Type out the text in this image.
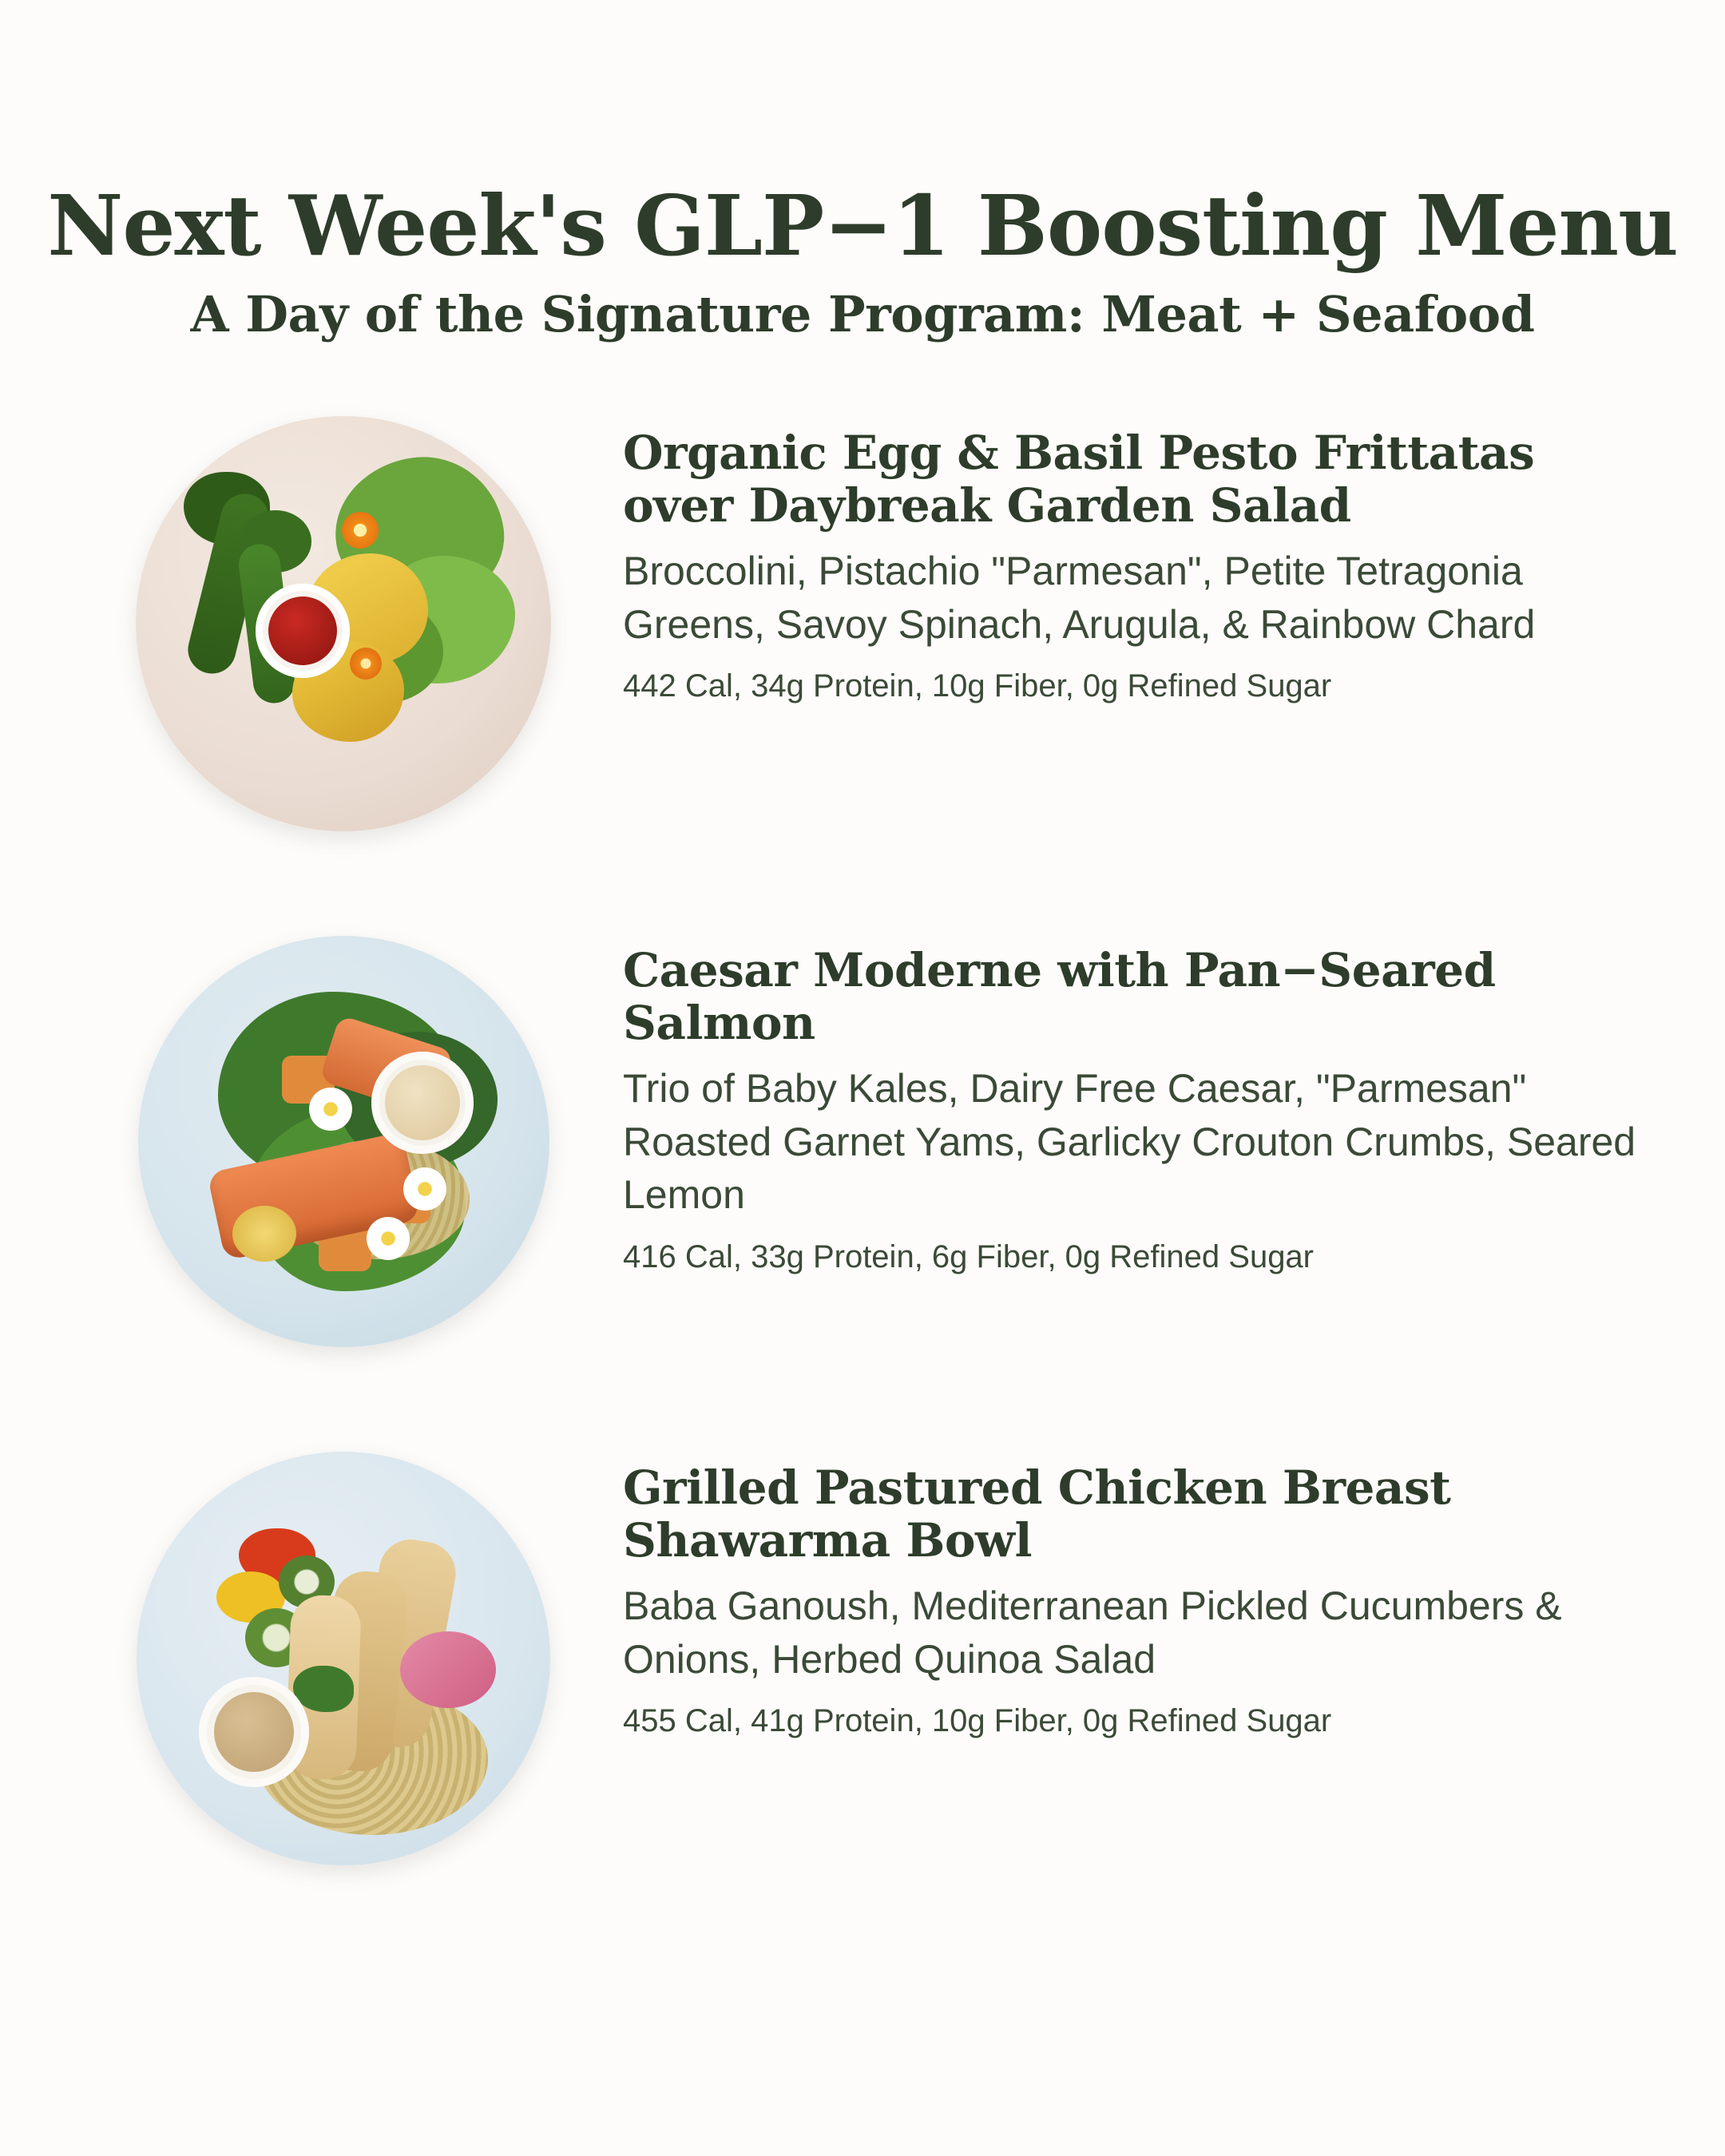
Next Week's GLP−1 Boosting Menu
A Day of the Signature Program: Meat + Seafood
Organic Egg & Basil Pesto Frittatas over Daybreak Garden Salad
Broccolini, Pistachio "Parmesan", Petite Tetragonia Greens, Savoy Spinach, Arugula, & Rainbow Chard
442 Cal, 34g Protein, 10g Fiber, 0g Refined Sugar
Caesar Moderne with Pan−Seared Salmon
Trio of Baby Kales, Dairy Free Caesar, "Parmesan" Roasted Garnet Yams, Garlicky Crouton Crumbs, Seared Lemon
416 Cal, 33g Protein, 6g Fiber, 0g Refined Sugar
Grilled Pastured Chicken Breast Shawarma Bowl
Baba Ganoush, Mediterranean Pickled Cucumbers & Onions, Herbed Quinoa Salad
455 Cal, 41g Protein, 10g Fiber, 0g Refined Sugar
